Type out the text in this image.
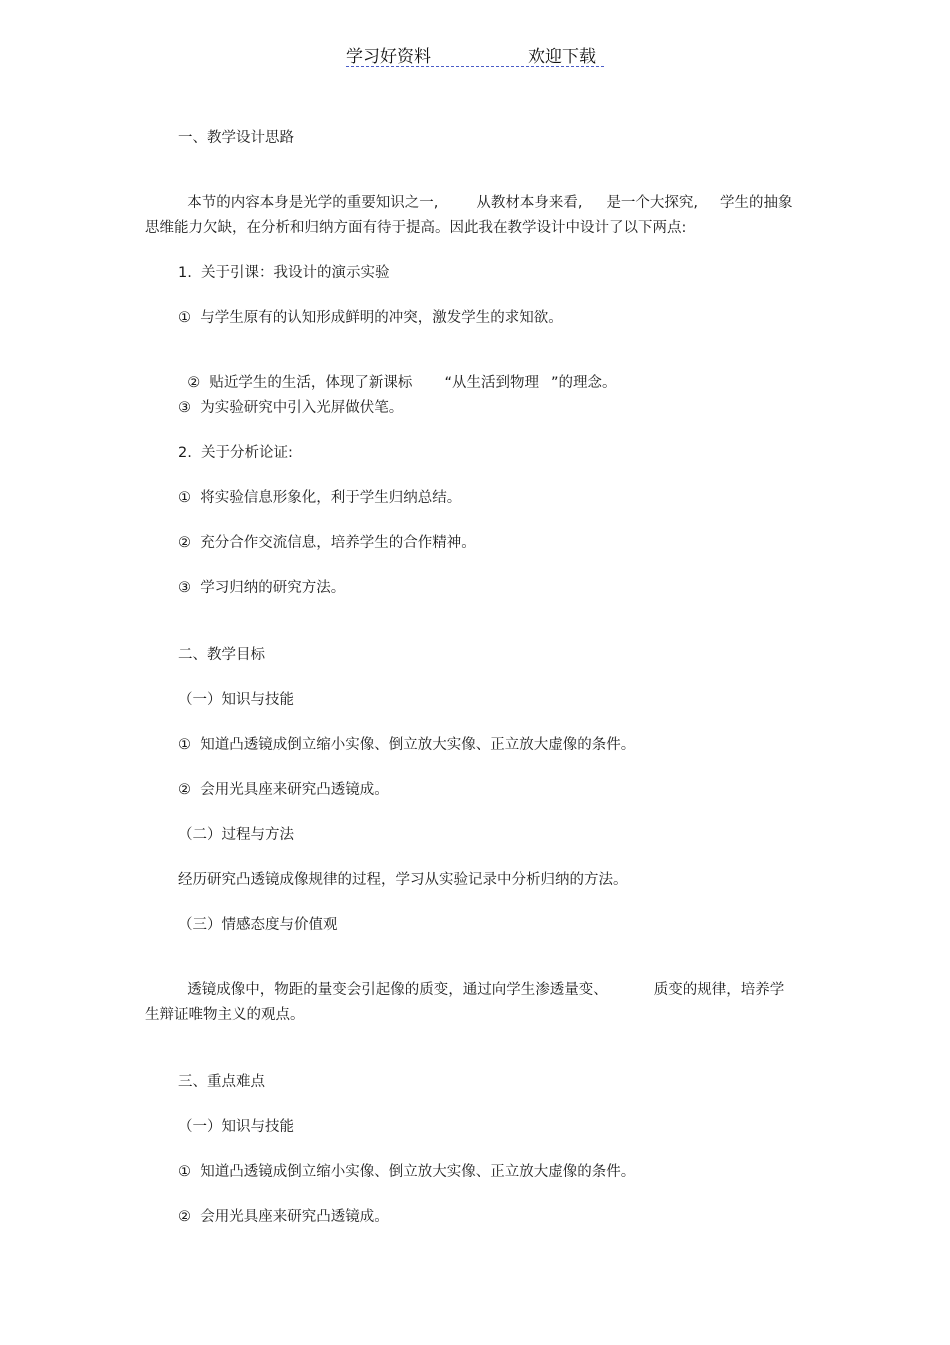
学习好资料	欢迎下载
一、教学设计思路

本节的内容本身是光学的重要知识之一,	从教材本身来看, 是一个大探究, 学生的抽象

思维能力欠缺，在分析和归纳方面有待于提高。因此我在教学设计中设计了以下两点:
1.  关于引课：我设计的演示实验
①  与学生原有的认知形成鲜明的冲突，激发学生的求知欲。

②  贴近学生的生活，体现了新课标 “从生活到物理 ”的理念。

③  为实验研究中引入光屏做伏笔。
2.  关于分析论证:
①  将实验信息形象化，利于学生归纳总结。
②  充分合作交流信息，培养学生的合作精神。
③  学习归纳的研究方法。
二、教学目标
（一）知识与技能
①  知道凸透镜成倒立缩小实像、倒立放大实像、正立放大虚像的条件。
②  会用光具座来研究凸透镜成。
（二）过程与方法
经历研究凸透镜成像规律的过程，学习从实验记录中分析归纳的方法。
（三）情感态度与价值观

透镜成像中，物距的量变会引起像的质变，通过向学生渗透量变、	质变的规律，培养学

生辩证唯物主义的观点。
三、重点难点
（一）知识与技能
①  知道凸透镜成倒立缩小实像、倒立放大实像、正立放大虚像的条件。
②  会用光具座来研究凸透镜成。
